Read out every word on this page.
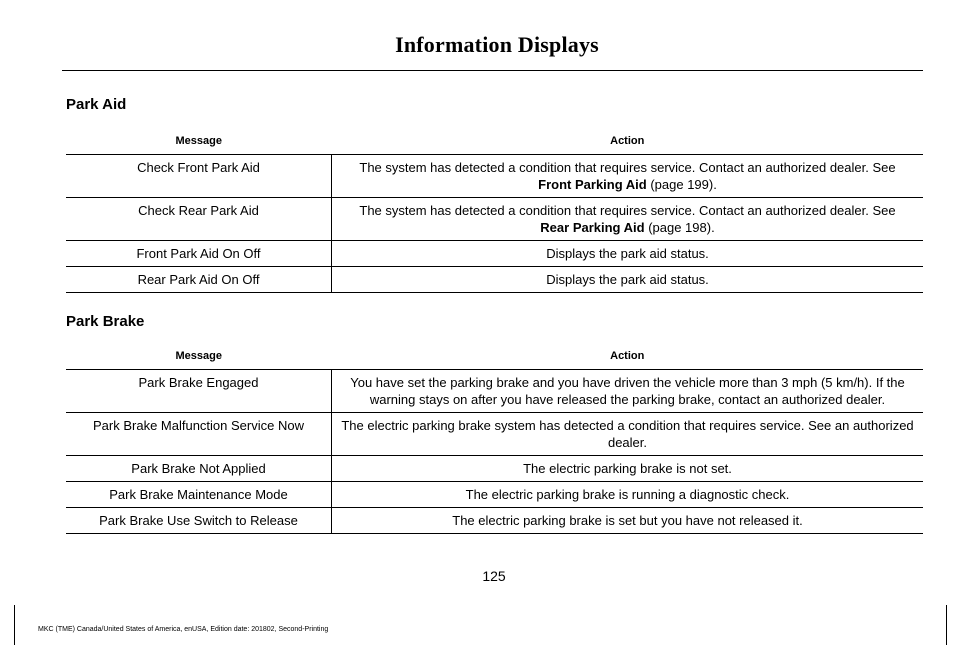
Information Displays
Park Aid
Message	Action
Check Front Park Aid	The system has detected a condition that requires service. Contact an authorized dealer. See
Front Parking Aid (page 199).
Check Rear Park Aid	The system has detected a condition that requires service. Contact an authorized dealer. See
Rear Parking Aid (page 198).
Front Park Aid On Off	Displays the park aid status.
Rear Park Aid On Off	Displays the park aid status.
Park Brake
Message	Action
Park Brake Engaged	You have set the parking brake and you have driven the vehicle more than 3 mph (5 km/h). If the warning stays on after you have released the parking brake, contact an authorized dealer.
Park Brake Malfunction Service Now	The electric parking brake system has detected a condition that requires service. See an authorized dealer.
Park Brake Not Applied	The electric parking brake is not set.
Park Brake Maintenance Mode	The electric parking brake is running a diagnostic check.
Park Brake Use Switch to Release	The electric parking brake is set but you have not released it.
125
MKC (TME) Canada/United States of America, enUSA, Edition date: 201802, Second-Printing
